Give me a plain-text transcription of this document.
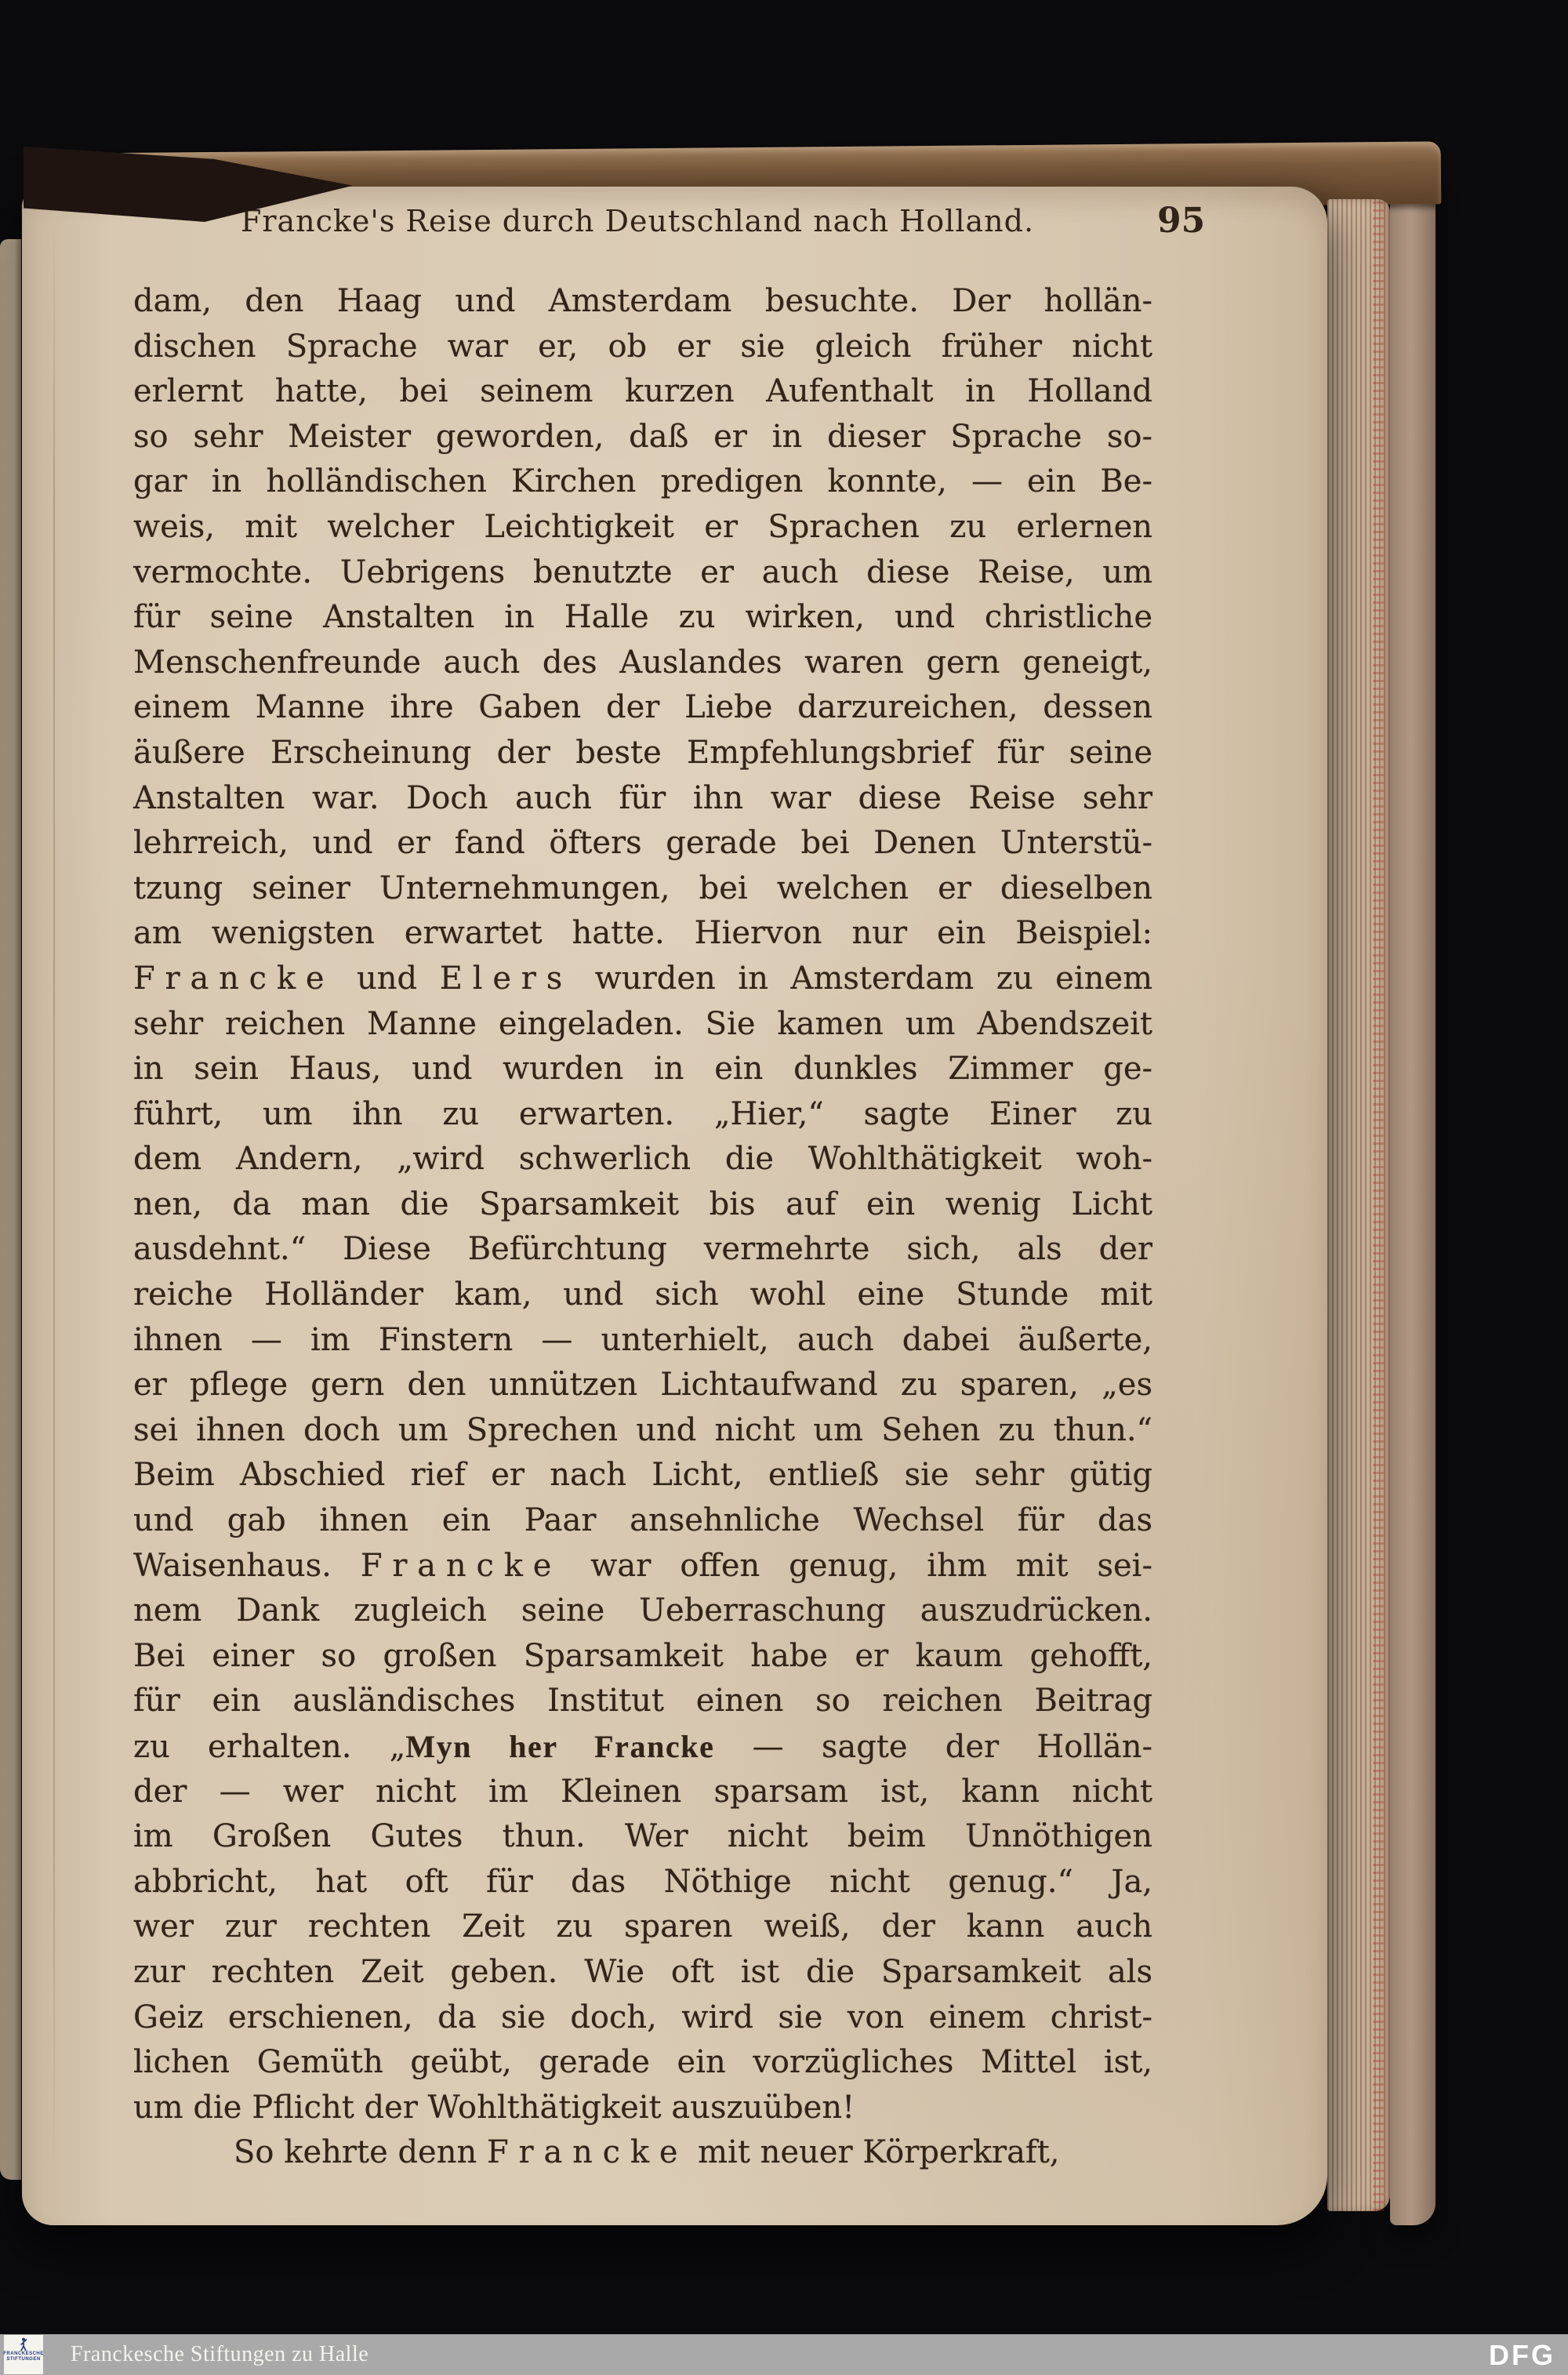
Francke's Reise durch Deutschland nach Holland.	95
dam, den Haag und Amsterdam besuchte. Der hollän-
dischen Sprache war er, ob er sie gleich früher nicht
erlernt hatte, bei seinem kurzen Aufenthalt in Holland
so sehr Meister geworden, daß er in dieser Sprache so-
gar in holländischen Kirchen predigen konnte, — ein Be-
weis, mit welcher Leichtigkeit er Sprachen zu erlernen
vermochte. Uebrigens benutzte er auch diese Reise, um
für seine Anstalten in Halle zu wirken, und christliche
Menschenfreunde auch des Auslandes waren gern geneigt,
einem Manne ihre Gaben der Liebe darzureichen, dessen
äußere Erscheinung der beste Empfehlungsbrief für seine
Anstalten war. Doch auch für ihn war diese Reise sehr
lehrreich, und er fand öfters gerade bei Denen Unterstü-
tzung seiner Unternehmungen, bei welchen er dieselben
am wenigsten erwartet hatte. Hiervon nur ein Beispiel:
Francke und Elers wurden in Amsterdam zu einem
sehr reichen Manne eingeladen. Sie kamen um Abendszeit
in sein Haus, und wurden in ein dunkles Zimmer ge-
führt, um ihn zu erwarten. „Hier,“ sagte Einer zu
dem Andern, „wird schwerlich die Wohlthätigkeit woh-
nen, da man die Sparsamkeit bis auf ein wenig Licht
ausdehnt.“ Diese Befürchtung vermehrte sich, als der
reiche Holländer kam, und sich wohl eine Stunde mit
ihnen — im Finstern — unterhielt, auch dabei äußerte,
er pflege gern den unnützen Lichtaufwand zu sparen, „es
sei ihnen doch um Sprechen und nicht um Sehen zu thun.“
Beim Abschied rief er nach Licht, entließ sie sehr gütig
und gab ihnen ein Paar ansehnliche Wechsel für das
Waisenhaus. Francke war offen genug, ihm mit sei-
nem Dank zugleich seine Ueberraschung auszudrücken.
Bei einer so großen Sparsamkeit habe er kaum gehofft,
für ein ausländisches Institut einen so reichen Beitrag
zu erhalten. „Myn her Francke — sagte der Hollän-
der — wer nicht im Kleinen sparsam ist, kann nicht
im Großen Gutes thun. Wer nicht beim Unnöthigen
abbricht, hat oft für das Nöthige nicht genug.“ Ja,
wer zur rechten Zeit zu sparen weiß, der kann auch
zur rechten Zeit geben. Wie oft ist die Sparsamkeit als
Geiz erschienen, da sie doch, wird sie von einem christ-
lichen Gemüth geübt, gerade ein vorzügliches Mittel ist,
um die Pflicht der Wohlthätigkeit auszuüben!
So kehrte denn Francke mit neuer Körperkraft,
FRANCKESCHE
STIFTUNGEN Franckesche Stiftungen zu Halle	DFG
